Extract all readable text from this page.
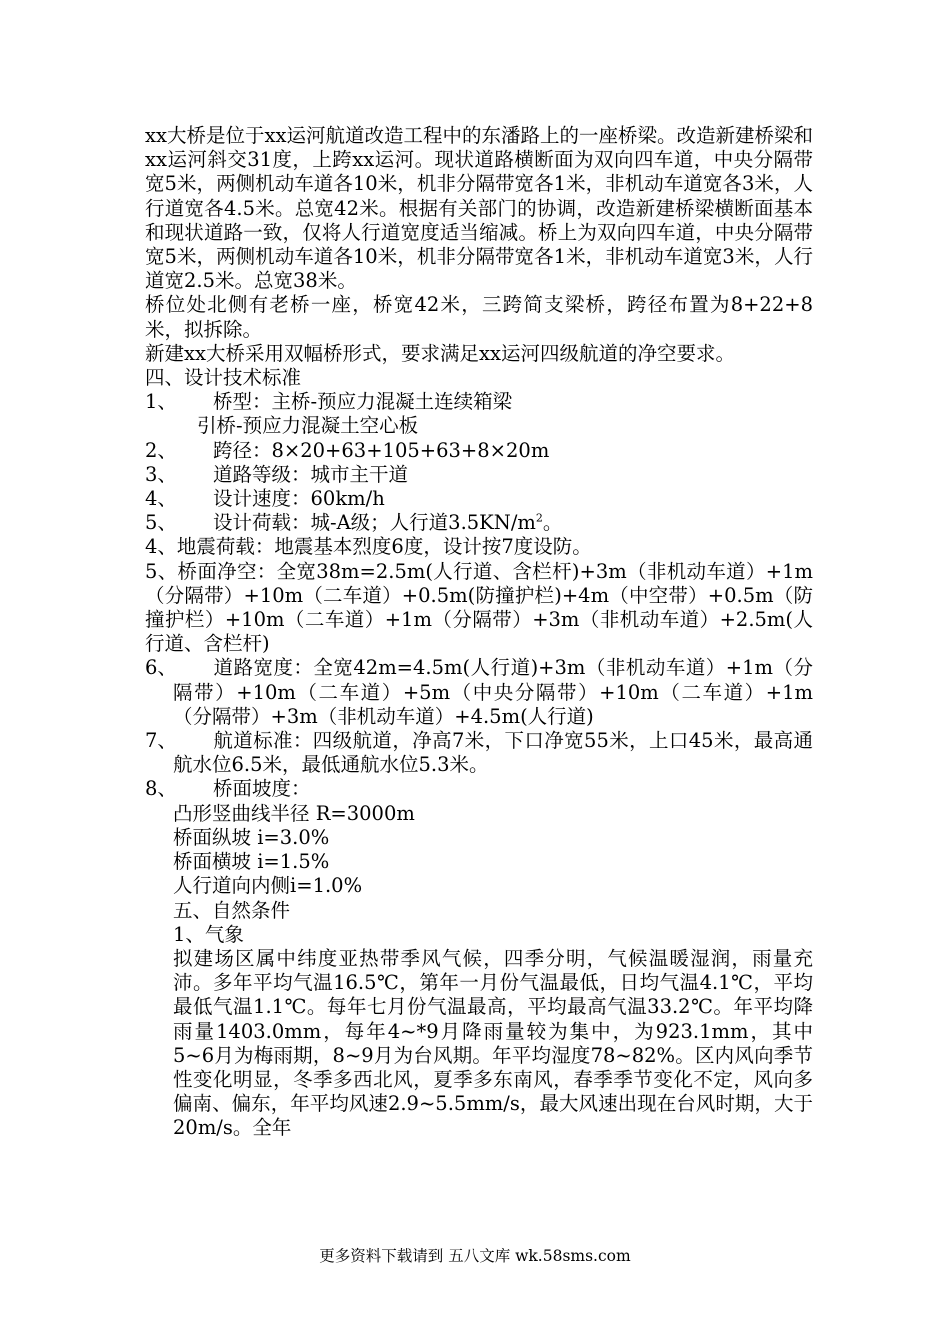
xx大桥是位于xx运河航道改造工程中的东潘路上的一座桥梁。改造新建桥梁和xx运河斜交31度，上跨xx运河。现状道路横断面为双向四车道，中央分隔带宽5米，两侧机动车道各10米，机非分隔带宽各1米，非机动车道宽各3米，人行道宽各4.5米。总宽42米。根据有关部门的协调，改造新建桥梁横断面基本和现状道路一致，仅将人行道宽度适当缩减。桥上为双向四车道，中央分隔带宽5米，两侧机动车道各10米，机非分隔带宽各1米，非机动车道宽3米，人行道宽2.5米。总宽38米。

桥位处北侧有老桥一座，桥宽42米，三跨简支梁桥，跨径布置为8+22+8米，拟拆除。

新建xx大桥采用双幅桥形式，要求满足xx运河四级航道的净空要求。

四、设计技术标准

1、	桥型：主桥-预应力混凝土连续箱梁

引桥-预应力混凝土空心板

2、	跨径：8×20+63+105+63+8×20m
3、	道路等级：城市主干道
4、	设计速度：60km/h
5、	设计荷载：城-A级；人行道$3.5KN/m^2$。

4、地震荷载：地震基本烈度6度，设计按7度设防。

5、桥面净空：全宽38m=2.5m(人行道、含栏杆)+3m（非机动车道）+1m（分隔带）+10m（二车道）+0.5m(防撞护栏)+4m（中空带）+0.5m（防撞护栏）+10m（二车道）+1m（分隔带）+3m（非机动车道）+2.5m(人行道、含栏杆)

6、 道路宽度：全宽42m=4.5m(人行道)+3m（非机动车道）+1m（分隔带）+10m（二车道）+5m（中央分隔带）+10m（二车道）+1m（分隔带）+3m（非机动车道）+4.5m(人行道)

7、 航道标准：四级航道，净高7米，下口净宽55米，上口45米，最高通航水位6.5米，最低通航水位5.3米。

8、	桥面坡度：

凸形竖曲线半径 R=3000m

桥面纵坡 i=3.0%

桥面横坡 i=1.5%

人行道向内侧i=1.0%

五、自然条件

1、气象

拟建场区属中纬度亚热带季风气候，四季分明，气候温暖湿润，雨量充沛。多年平均气温16.5℃，第年一月份气温最低，日均气温4.1℃，平均最低气温1.1℃。每年七月份气温最高，平均最高气温33.2℃。年平均降雨量1403.0mm，每年4~*9月降雨量较为集中，为923.1mm，其中5~6月为梅雨期，8~9月为台风期。年平均湿度78~82%。区内风向季节性变化明显，冬季多西北风，夏季多东南风，春季季节变化不定，风向多偏南、偏东，年平均风速2.9~5.5mm/s，最大风速出现在台风时期，大于20m/s。全年

更多资料下载请到 五八文库 wk.58sms.com
